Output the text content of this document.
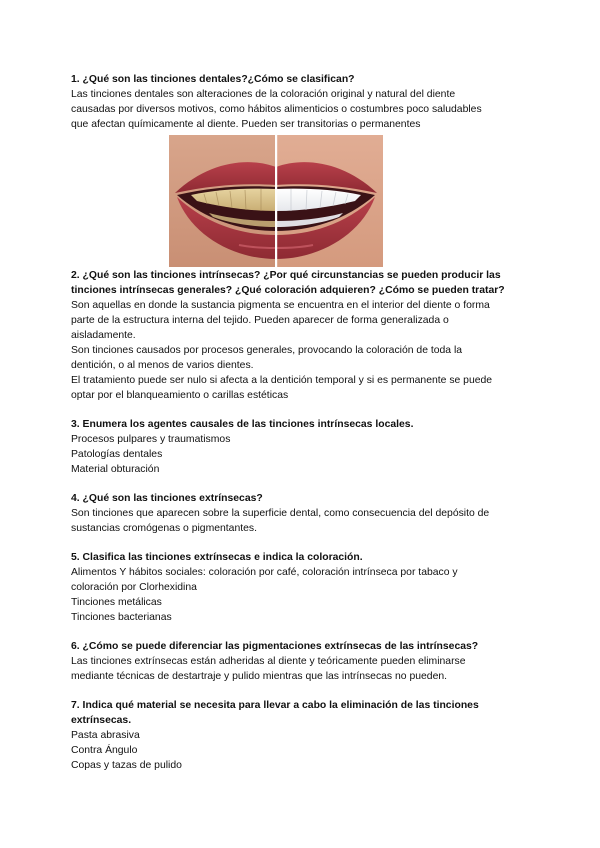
1. ¿Qué son las tinciones dentales?¿Cómo se clasifican?

Las tinciones dentales son alteraciones de la coloración original y natural del diente

causadas por diversos motivos, como hábitos alimenticios o costumbres poco saludables

que afectan químicamente al diente. Pueden ser transitorias o permanentes

2. ¿Qué son las tinciones intrínsecas? ¿Por qué circunstancias se pueden producir las tinciones intrínsecas generales? ¿Qué coloración adquieren? ¿Cómo se pueden tratar?

Son aquellas en donde la sustancia pigmenta se encuentra en el interior del diente o forma

parte de la estructura interna del tejido. Pueden aparecer de forma generalizada o

aisladamente.

Son tinciones causados por procesos generales, provocando la coloración de toda la

dentición, o al menos de varios dientes.

El tratamiento puede ser nulo si afecta a la dentición temporal y si es permanente se puede

optar por el blanqueamiento o carillas estéticas

3. Enumera los agentes causales de las tinciones intrínsecas locales.

Procesos pulpares y traumatismos

Patologías dentales

Material obturación

4. ¿Qué son las tinciones extrínsecas?

Son tinciones que aparecen sobre la superficie dental, como consecuencia del depósito de

sustancias cromógenas o pigmentantes.

5. Clasifica las tinciones extrínsecas e indica la coloración.

Alimentos Y hábitos sociales: coloración por café, coloración intrínseca por tabaco y

coloración por Clorhexidina

Tinciones metálicas

Tinciones bacterianas

6. ¿Cómo se puede diferenciar las pigmentaciones extrínsecas de las intrínsecas?

Las tinciones extrínsecas están adheridas al diente y teóricamente pueden eliminarse

mediante técnicas de destartraje y pulido mientras que las intrínsecas no pueden.

7. Indica qué material se necesita para llevar a cabo la eliminación de las tinciones extrínsecas.

Pasta abrasiva

Contra Ángulo

Copas y tazas de pulido
